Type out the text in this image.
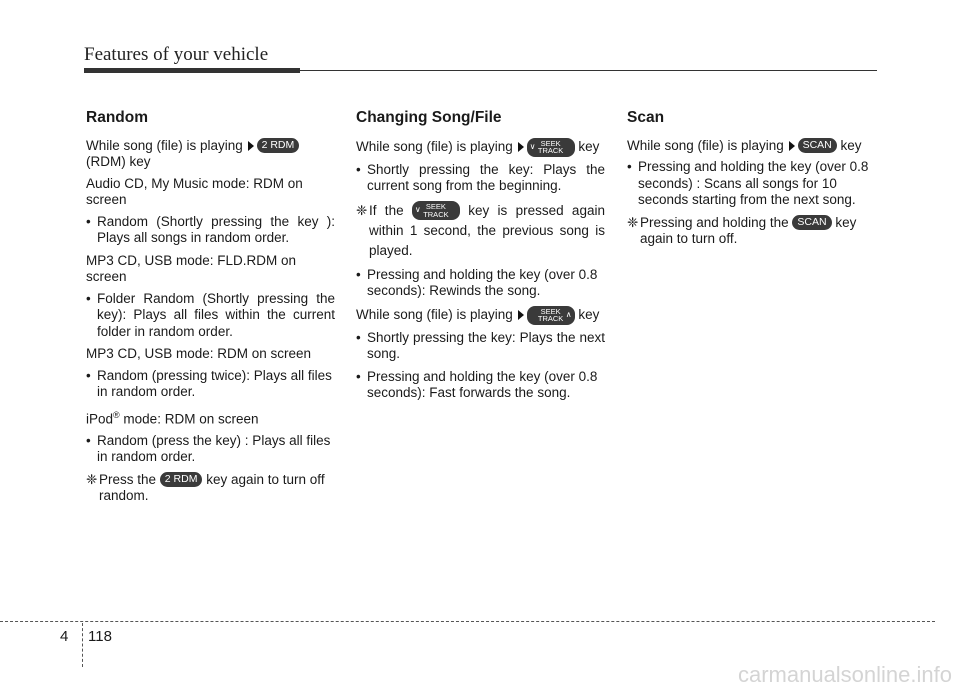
Features of your vehicle
Random

While song (file) is playing 2 RDM
(RDM) key

Audio CD, My Music mode: RDM on screen

• Random (Shortly pressing the key ): Plays all songs in random order.

MP3 CD, USB mode: FLD.RDM on screen

• Folder Random (Shortly pressing the key): Plays all files within the current folder in random order.

MP3 CD, USB mode: RDM on screen

• Random (pressing twice): Plays all files in random order.

iPod® mode: RDM on screen

• Random (press the key) : Plays all files in random order.
❈ Press the 2 RDM key again to turn off random.
Changing Song/File

While song (file) is playing ∨ SEEK
TRACK	key

• Shortly pressing the key: Plays the current song from the beginning.
❈ If the ∨ SEEK
TRACK	key is pressed again within 1 second, the previous song is played.
• Pressing and holding the key (over 0.8 seconds): Rewinds the song.

While song (file) is playing	∧
SEEK
TRACK	key

• Shortly pressing the key: Plays the next song.
• Pressing and holding the key (over 0.8 seconds): Fast forwards the song.
Scan

While song (file) is playing SCAN key

• Pressing and holding the key (over 0.8 seconds) : Scans all songs for 10 seconds starting from the next song.
❈ Pressing and holding the SCAN key again to turn off.
4 118
carmanualsonline.info
